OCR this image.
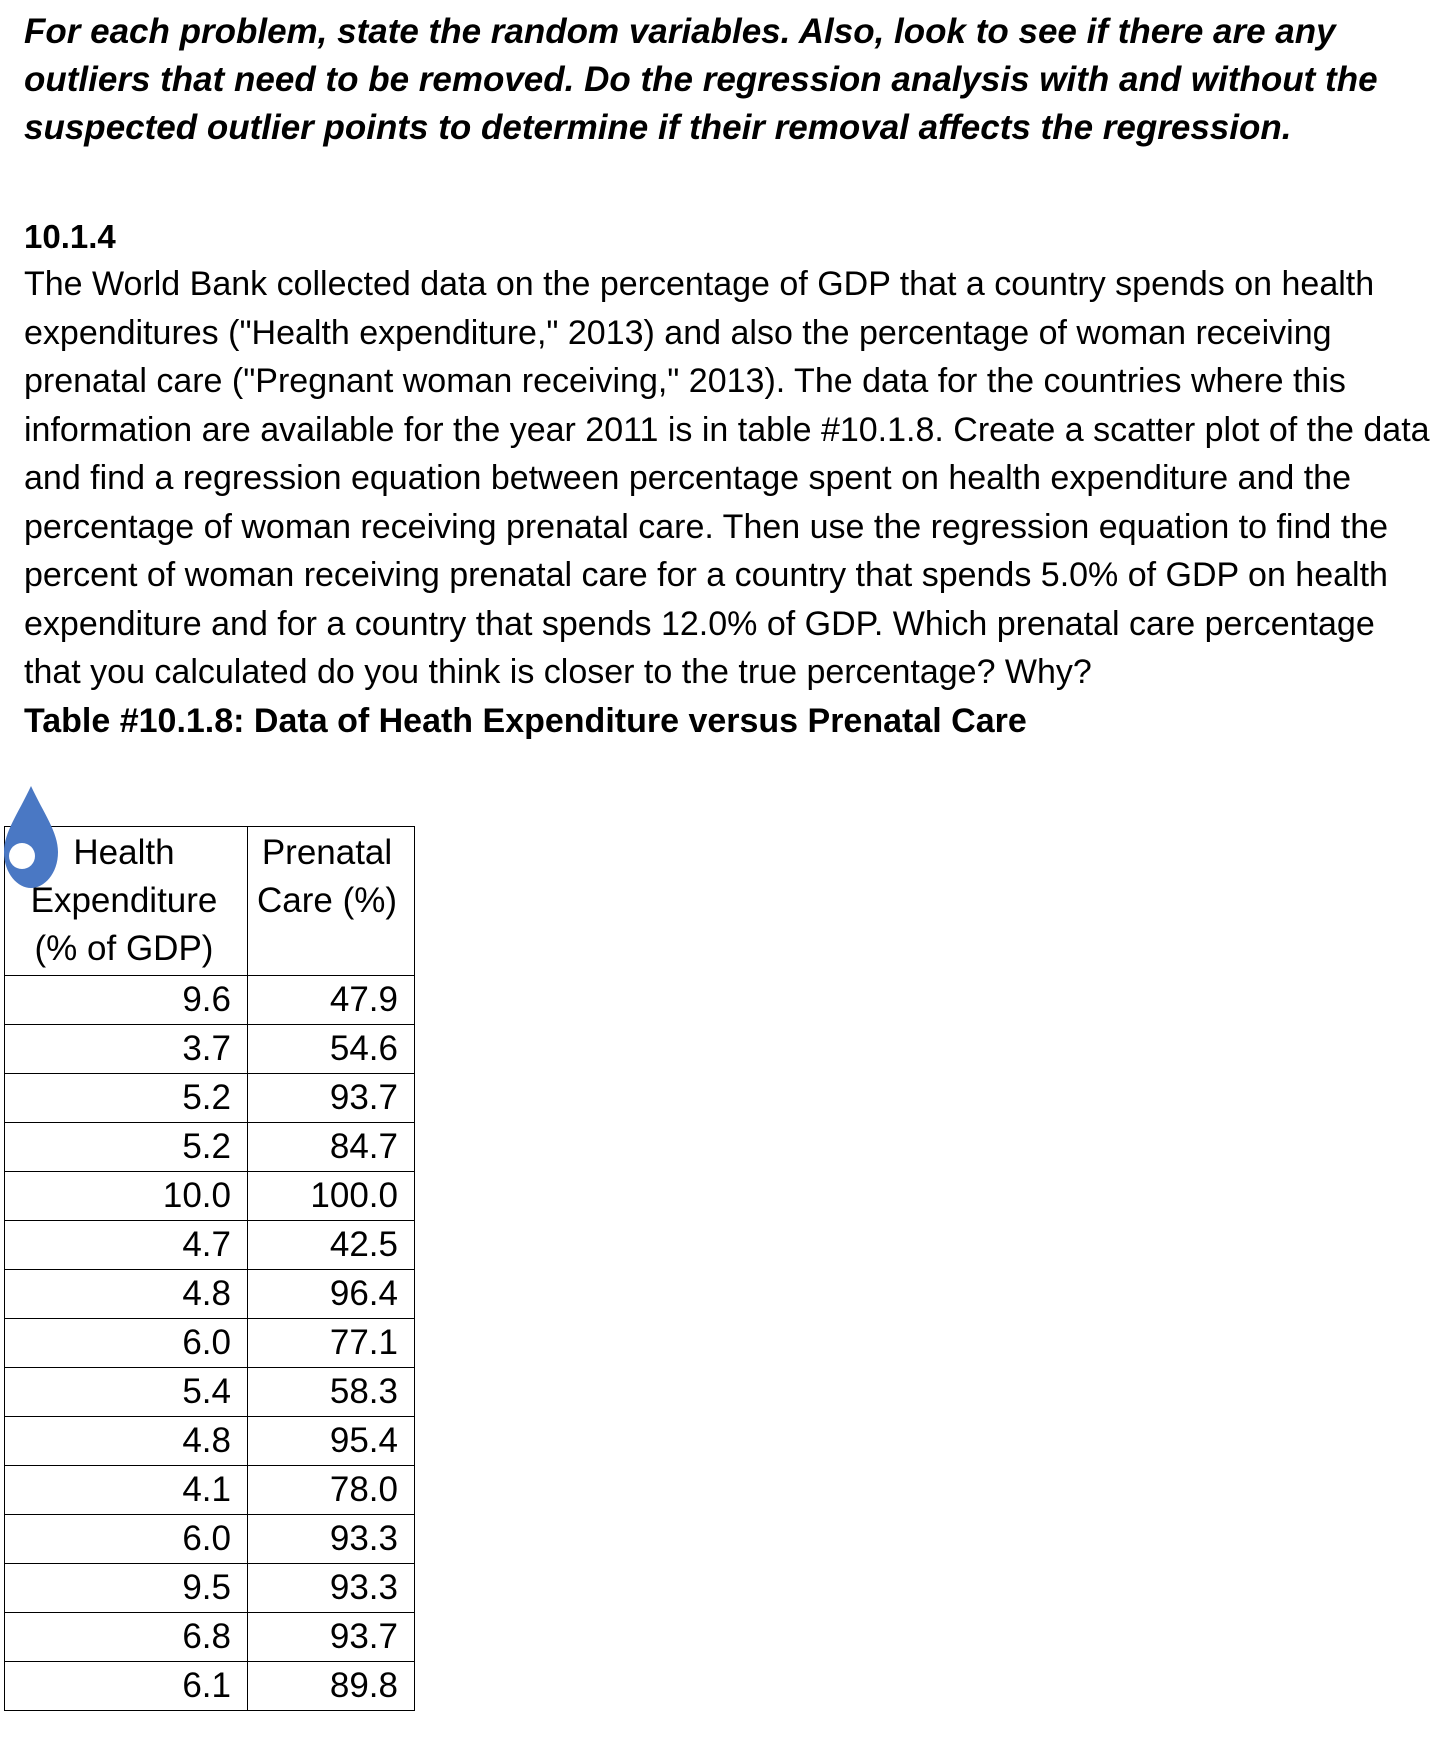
For each problem, state the random variables. Also, look to see if there are any outliers that need to be removed. Do the regression analysis with and without the suspected outlier points to determine if their removal affects the regression.

10.1.4

The World Bank collected data on the percentage of GDP that a country spends on health expenditures ("Health expenditure," 2013) and also the percentage of woman receiving prenatal care ("Pregnant woman receiving," 2013). The data for the countries where this information are available for the year 2011 is in table #10.1.8. Create a scatter plot of the data and find a regression equation between percentage spent on health expenditure and the percentage of woman receiving prenatal care. Then use the regression equation to find the percent of woman receiving prenatal care for a country that spends 5.0% of GDP on health expenditure and for a country that spends 12.0% of GDP. Which prenatal care percentage that you calculated do you think is closer to the true percentage? Why?

Table #10.1.8: Data of Heath Expenditure versus Prenatal Care

Health Expenditure (% of GDP)	Prenatal Care (%)
9.6	47.9
3.7	54.6
5.2	93.7
5.2	84.7
10.0	100.0
4.7	42.5
4.8	96.4
6.0	77.1
5.4	58.3
4.8	95.4
4.1	78.0
6.0	93.3
9.5	93.3
6.8	93.7
6.1	89.8
